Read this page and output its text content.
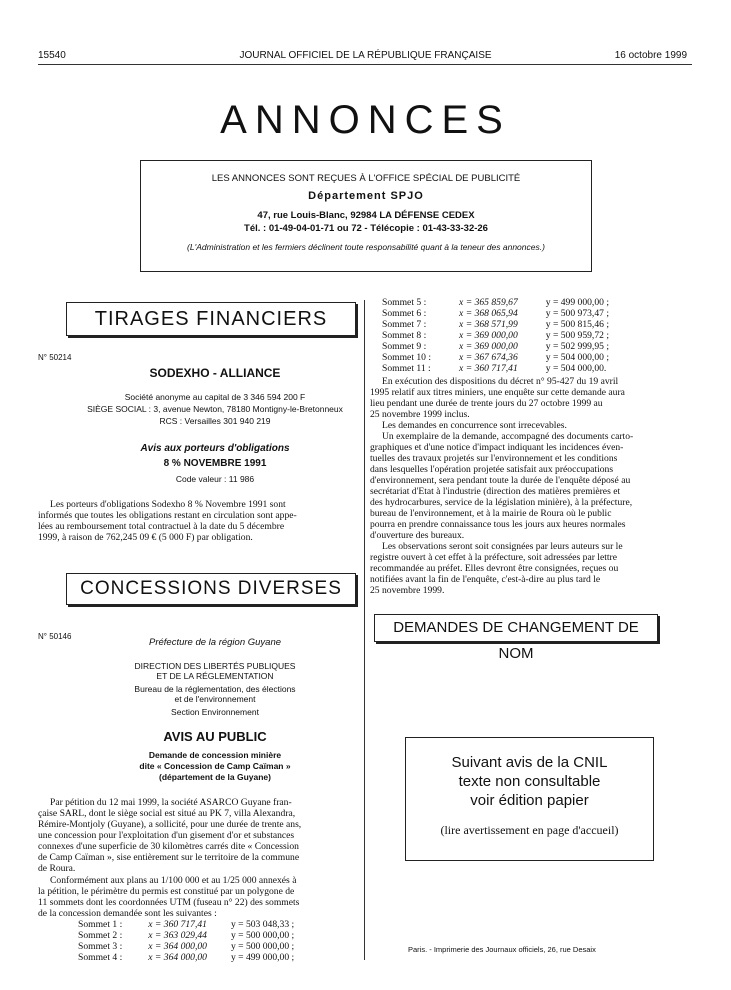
15540	JOURNAL OFFICIEL DE LA RÉPUBLIQUE FRANÇAISE	16 octobre 1999
ANNONCES
LES ANNONCES SONT REÇUES À L'OFFICE SPÉCIAL DE PUBLICITÉ
Département SPJO
47, rue Louis-Blanc, 92984 LA DÉFENSE CEDEX
Tél. : 01-49-04-01-71 ou 72 - Télécopie : 01-43-33-32-26
(L'Administration et les fermiers déclinent toute responsabilité quant à la teneur des annonces.)
TIRAGES FINANCIERS
N° 50214
SODEXHO - ALLIANCE
Société anonyme au capital de 3 346 594 200 F
SIÈGE SOCIAL : 3, avenue Newton, 78180 Montigny-le-Bretonneux
RCS : Versailles 301 940 219
Avis aux porteurs d'obligations
8 % NOVEMBRE 1991
Code valeur : 11 986

Les porteurs d'obligations Sodexho 8 % Novembre 1991 sont

informés que toutes les obligations restant en circulation sont appe-

lées au remboursement total contractuel à la date du 5 décembre

1999, à raison de 762,245 09 € (5 000 F) par obligation.

CONCESSIONS DIVERSES
N° 50146
Préfecture de la région Guyane
DIRECTION DES LIBERTÉS PUBLIQUES
ET DE LA RÉGLEMENTATION
Bureau de la réglementation, des élections
et de l'environnement
Section Environnement
AVIS AU PUBLIC
Demande de concession minière
dite « Concession de Camp Caïman »
(département de la Guyane)

Par pétition du 12 mai 1999, la société ASARCO Guyane fran-

çaise SARL, dont le siège social est situé au PK 7, villa Alexandra,

Rémire-Montjoly (Guyane), a sollicité, pour une durée de trente ans,

une concession pour l'exploitation d'un gisement d'or et substances

connexes d'une superficie de 30 kilomètres carrés dite « Concession

de Camp Caïman », sise entièrement sur le territoire de la commune

de Roura.

Conformément aux plans au 1/100 000 et au 1/25 000 annexés à

la pétition, le périmètre du permis est constitué par un polygone de

11 sommets dont les coordonnées UTM (fuseau n° 22) des sommets

de la concession demandée sont les suivantes :

Sommet 1 :	x = 360 717,41	y = 503 048,33 ;
Sommet 2 :	x = 363 029,44	y = 500 000,00 ;
Sommet 3 :	x = 364 000,00	y = 500 000,00 ;
Sommet 4 :	x = 364 000,00	y = 499 000,00 ;
Sommet 5 :	x = 365 859,67	y = 499 000,00 ;
Sommet 6 :	x = 368 065,94	y = 500 973,47 ;
Sommet 7 :	x = 368 571,99	y = 500 815,46 ;
Sommet 8 :	x = 369 000,00	y = 500 959,72 ;
Sommet 9 :	x = 369 000,00	y = 502 999,95 ;
Sommet 10 :	x = 367 674,36	y = 504 000,00 ;
Sommet 11 :	x = 360 717,41	y = 504 000,00.

En exécution des dispositions du décret n° 95-427 du 19 avril

1995 relatif aux titres miniers, une enquête sur cette demande aura

lieu pendant une durée de trente jours du 27 octobre 1999 au

25 novembre 1999 inclus.

Les demandes en concurrence sont irrecevables.

Un exemplaire de la demande, accompagné des documents carto-

graphiques et d'une notice d'impact indiquant les incidences éven-

tuelles des travaux projetés sur l'environnement et les conditions

dans lesquelles l'opération projetée satisfait aux préoccupations

d'environnement, sera pendant toute la durée de l'enquête déposé au

secrétariat d'Etat à l'industrie (direction des matières premières et

des hydrocarbures, service de la législation minière), à la préfecture,

bureau de l'environnement, et à la mairie de Roura où le public

pourra en prendre connaissance tous les jours aux heures normales

d'ouverture des bureaux.

Les observations seront soit consignées par leurs auteurs sur le

registre ouvert à cet effet à la préfecture, soit adressées par lettre

recommandée au préfet. Elles devront être consignées, reçues ou

notifiées avant la fin de l'enquête, c'est-à-dire au plus tard le

25 novembre 1999.

DEMANDES DE CHANGEMENT DE NOM
Suivant avis de la CNIL
texte non consultable
voir édition papier
(lire avertissement en page d'accueil)
Paris. - Imprimerie des Journaux officiels, 26, rue Desaix
